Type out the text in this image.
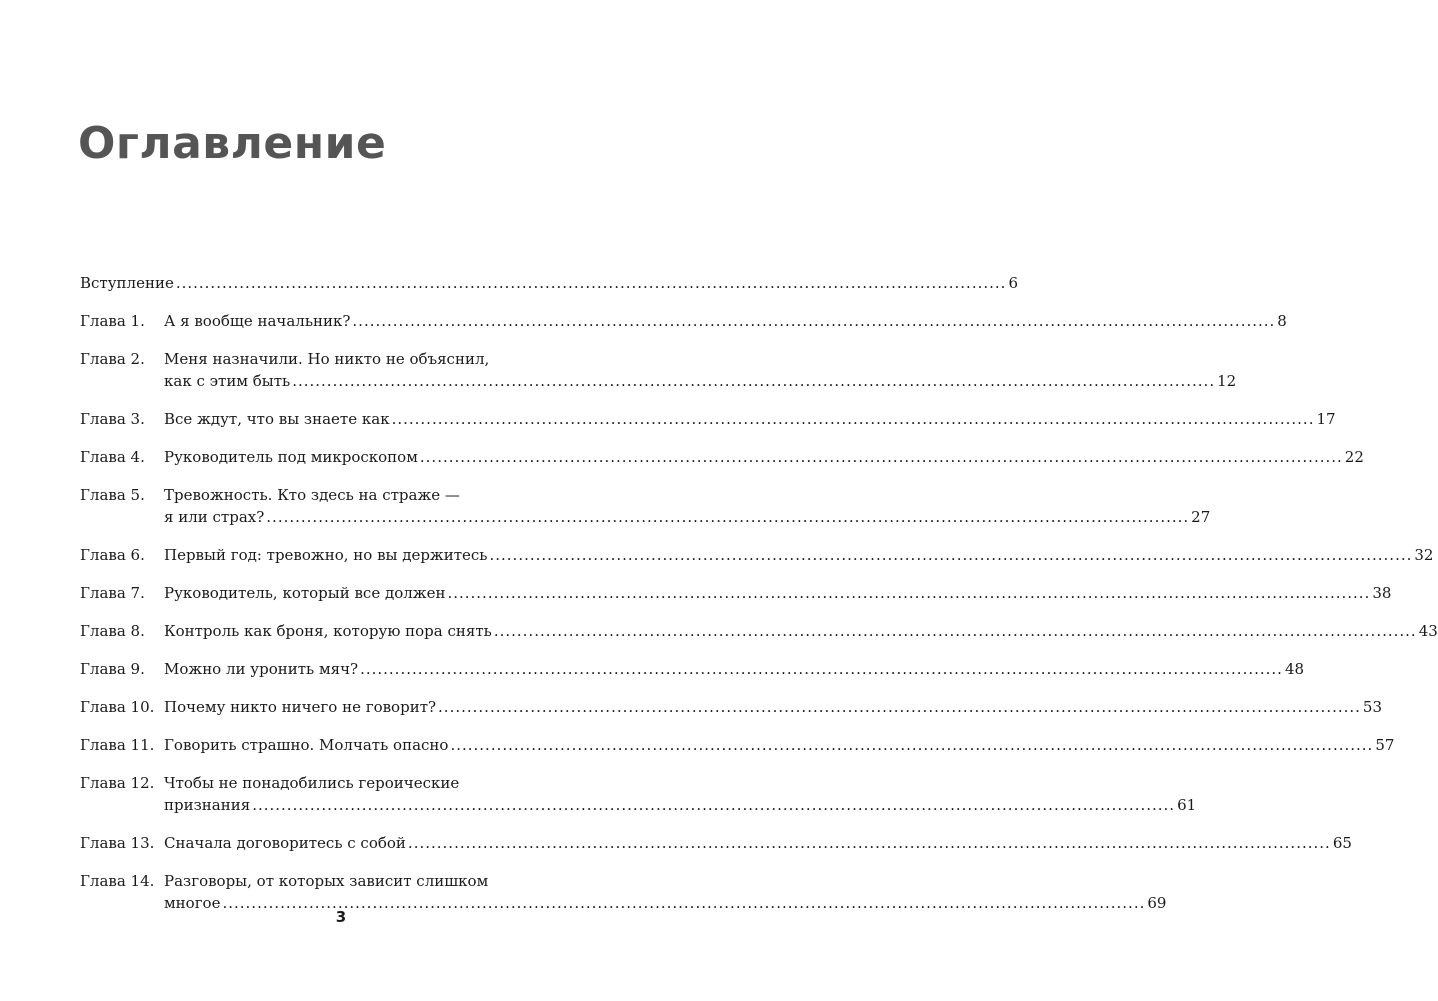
Оглавление
Вступление ................................................................................................................................................ 6
Глава 1. А я вообще начальник? ................................................................................................................................................................ 8
Глава 2. Меня назначили. Но никто не объяснил,
как с этим быть ................................................................................................................................................................ 12
Глава 3. Все ждут, что вы знаете как ................................................................................................................................................................ 17
Глава 4. Руководитель под микроскопом ................................................................................................................................................................ 22
Глава 5. Тревожность. Кто здесь на страже —
я или страх? ................................................................................................................................................................ 27
Глава 6. Первый год: тревожно, но вы держитесь ................................................................................................................................................................ 32
Глава 7. Руководитель, который все должен ................................................................................................................................................................ 38
Глава 8. Контроль как броня, которую пора снять ................................................................................................................................................................ 43
Глава 9. Можно ли уронить мяч? ................................................................................................................................................................ 48
Глава 10. Почему никто ничего не говорит? ................................................................................................................................................................ 53
Глава 11. Говорить страшно. Молчать опасно ................................................................................................................................................................ 57
Глава 12. Чтобы не понадобились героические
признания ................................................................................................................................................................ 61
Глава 13. Сначала договоритесь с собой ................................................................................................................................................................ 65
Глава 14. Разговоры, от которых зависит слишком
многое ................................................................................................................................................................ 69
3
